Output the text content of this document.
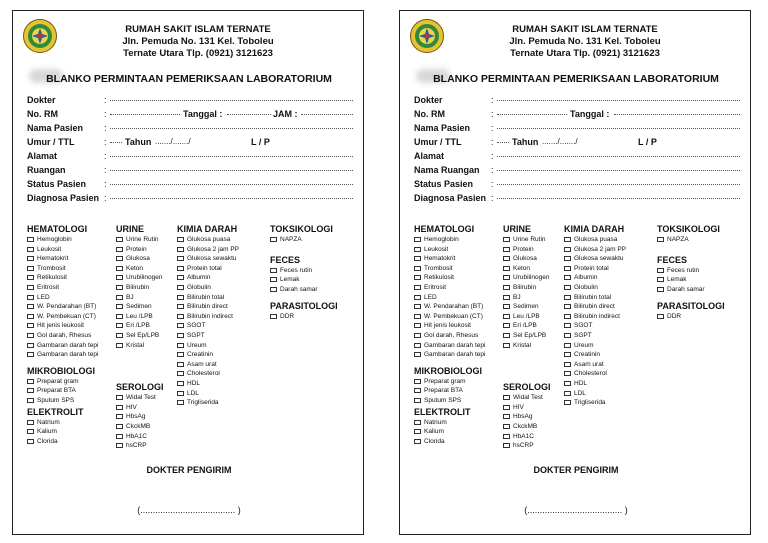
RUMAH SAKIT ISLAM TERNATE
Jln. Pemuda No. 131 Kel. Toboleu
Ternate Utara Tlp. (0921) 3121623
BLANKO PERMINTAAN PEMERIKSAAN LABORATORIUM
Dokter	:
No. RM	:	Tanggal :	JAM :
Nama Pasien :
Umur / TTL	: Tahun ......./......./	L / P
Alamat	:
Ruangan	:
Status Pasien :
Diagnosa Pasien :
HEMATOLOGI
Hemoglobin
Leukosit
Hematokrit
Trombosit
Retikulosit
Eritrosit
LED
W. Pendarahan (BT)
W. Pembekuan (CT)
Hit jenis leukosit
Gol darah, Rhesus
Gambaran darah tepi
Gambaran darah tepi
MIKROBIOLOGI
Preparat gram
Preparat BTA
Sputum SPS
ELEKTROLIT
Natrium
Kalium
Clorida
URINE
Urine Rutin
Protein
Glukosa
Keton
Urubilinogen
Bilirubin
BJ
Sedimen
Leu /LPB
Eri /LPB
Sel Ep/LPB
Kristal
SEROLOGI
Widal Test
HIV
HbsAg
CkckMB
HbA1C
hsCRP
KIMIA DARAH
Glukosa puasa
Glukosa 2 jam PP
Glukosa sewaktu
Protein total
Albumin
Globulin
Bilirubin total
Bilirubin direct
Bilirubin indirect
SGOT
SGPT
Ureum
Creatinin
Asam urat
Cholesterol
HDL
LDL
Trigliserida
TOKSIKOLOGI
NAPZA
FECES
Feces rutin
Lemak
Darah samar
PARASITOLOGI
DDR
DOKTER PENGIRIM
(...................................... )
RUMAH SAKIT ISLAM TERNATE
Jln. Pemuda No. 131 Kel. Toboleu
Ternate Utara Tlp. (0921) 3121623
BLANKO PERMINTAAN PEMERIKSAAN LABORATORIUM
Dokter	:
No. RM	:	Tanggal :
Nama Pasien :
Umur / TTL	: Tahun ......./......./	L / P
Alamat	:
Nama Ruangan :
Status Pasien :
Diagnosa Pasien :
HEMATOLOGI
Hemoglobin
Leukosit
Hematokrit
Trombosit
Retikulosit
Eritrosit
LED
W. Pendarahan (BT)
W. Pembekuan (CT)
Hit jenis leukosit
Gol darah, Rhesus
Gambaran darah tepi
Gambaran darah tepi
MIKROBIOLOGI
Preparat gram
Preparat BTA
Sputum SPS
ELEKTROLIT
Natrium
Kalium
Clorida
URINE
Urine Rutin
Protein
Glukosa
Keton
Urubilinogen
Bilirubin
BJ
Sedimen
Leu /LPB
Eri /LPB
Sel Ep/LPB
Kristal
SEROLOGI
Widal Test
HIV
HbsAg
CkckMB
HbA1C
hsCRP
KIMIA DARAH
Glukosa puasa
Glukosa 2 jam PP
Glukosa sewaktu
Protein total
Albumin
Globulin
Bilirubin total
Bilirubin direct
Bilirubin indirect
SGOT
SGPT
Ureum
Creatinin
Asam urat
Cholesterol
HDL
LDL
Trigliserida
TOKSIKOLOGI
NAPZA
FECES
Feces rutin
Lemak
Darah samar
PARASITOLOGI
DDR
DOKTER PENGIRIM
(...................................... )
